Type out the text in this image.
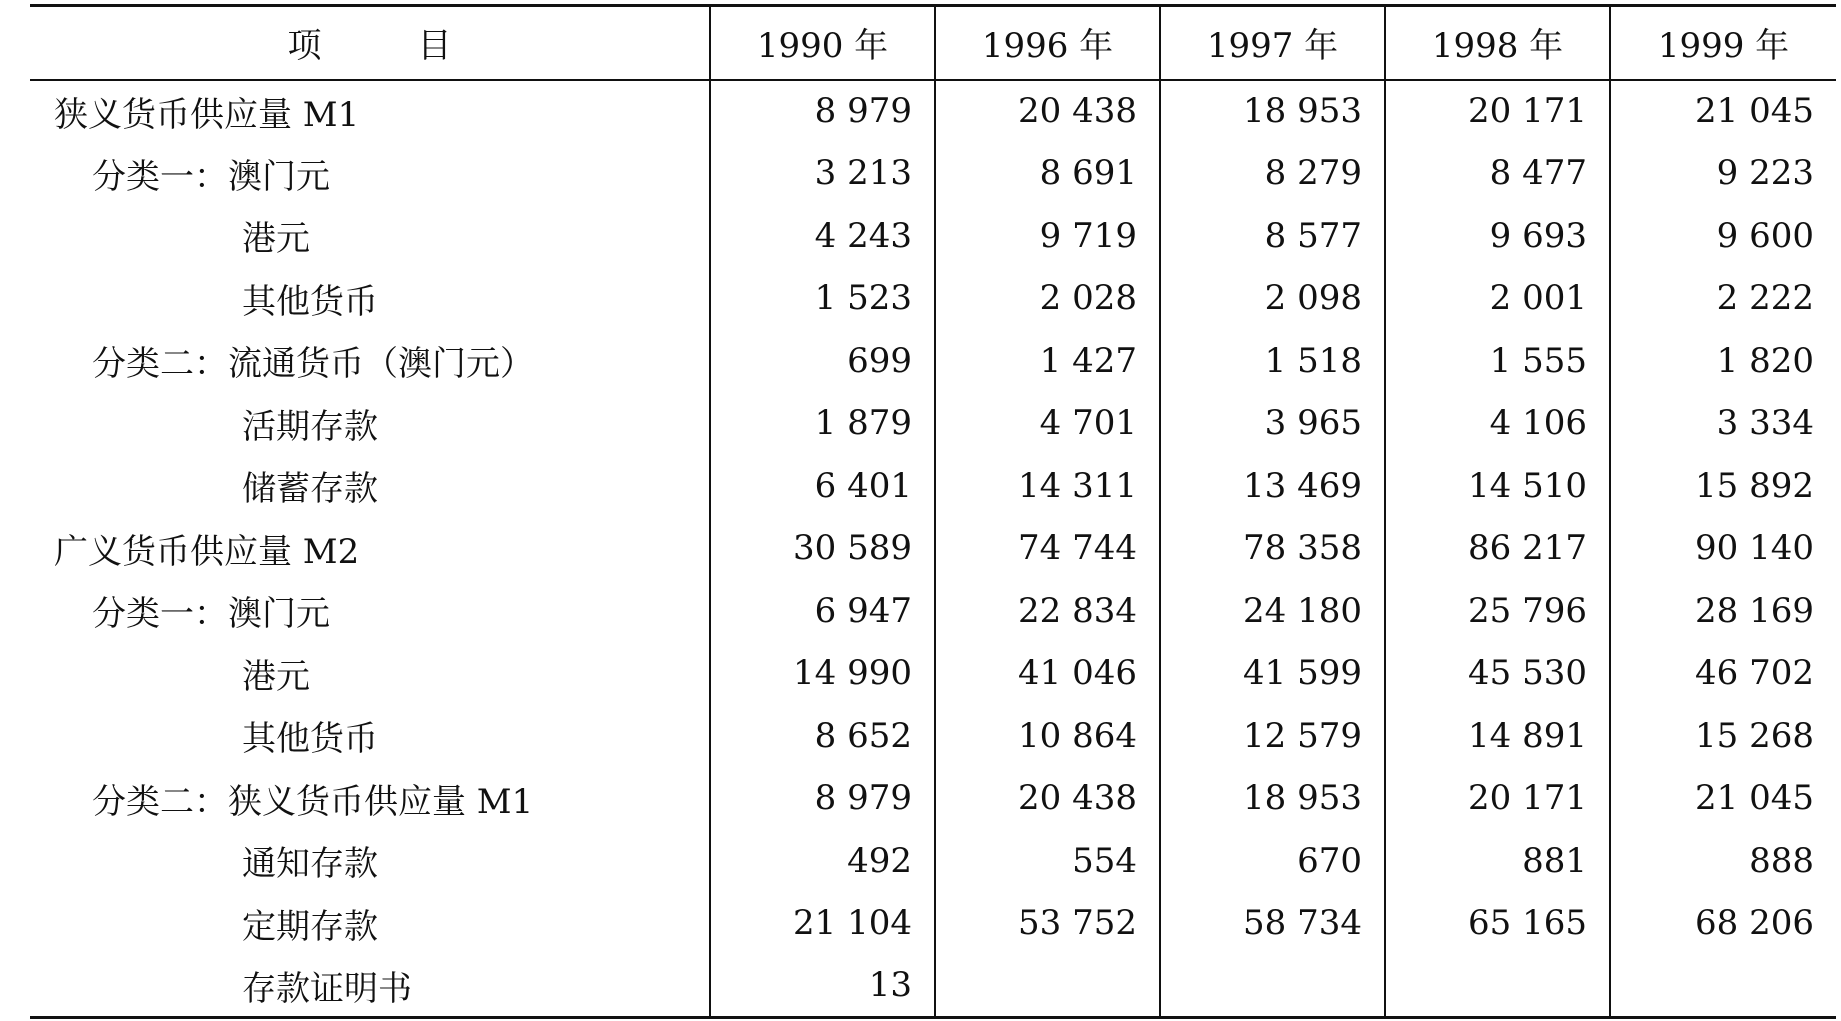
项 目	1990 年	1996 年	1997 年	1998 年	1999 年
狭义货币供应量 M1	8 979	20 438	18 953	20 171	21 045
分类一：澳门元	3 213	8 691	8 279	8 477	9 223
港元	4 243	9 719	8 577	9 693	9 600
其他货币	1 523	2 028	2 098	2 001	2 222
分类二：流通货币（澳门元）	699	1 427	1 518	1 555	1 820
活期存款	1 879	4 701	3 965	4 106	3 334
储蓄存款	6 401	14 311	13 469	14 510	15 892
广义货币供应量 M2	30 589	74 744	78 358	86 217	90 140
分类一：澳门元	6 947	22 834	24 180	25 796	28 169
港元	14 990	41 046	41 599	45 530	46 702
其他货币	8 652	10 864	12 579	14 891	15 268
分类二：狭义货币供应量 M1	8 979	20 438	18 953	20 171	21 045
通知存款	492	554	670	881	888
定期存款	21 104	53 752	58 734	65 165	68 206
存款证明书	13				
